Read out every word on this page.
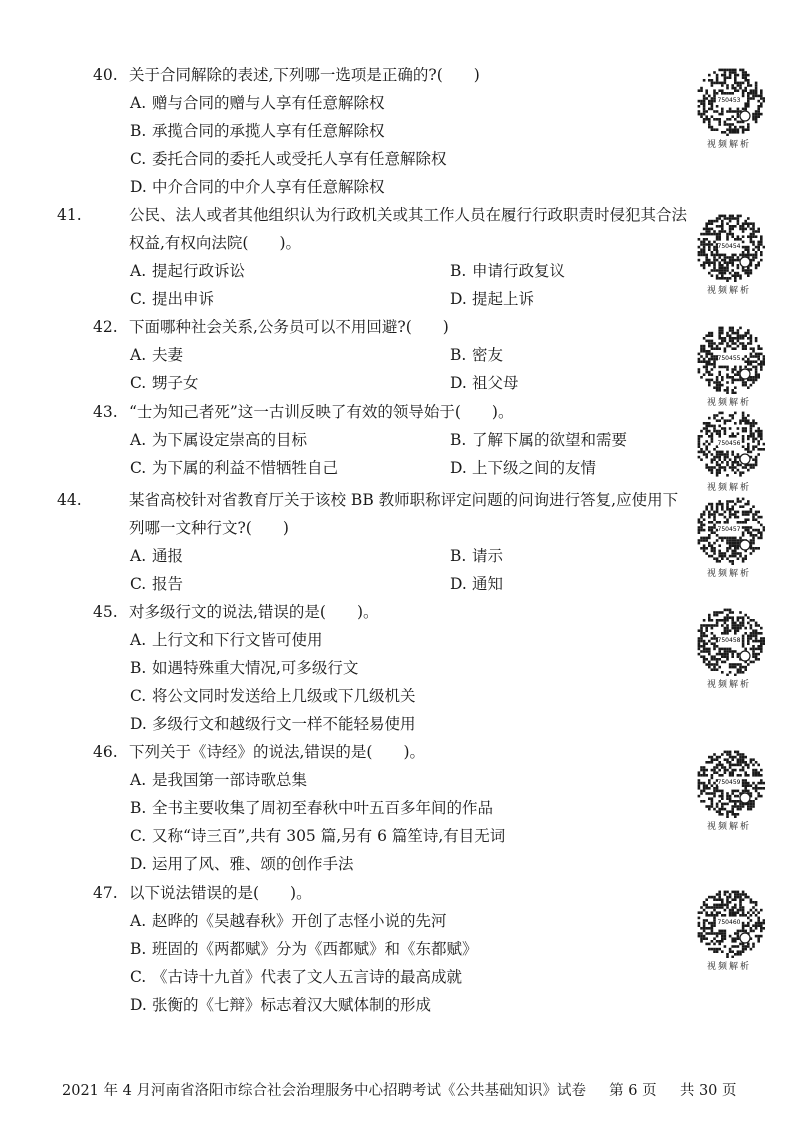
40. 关于合同解除的表述,下列哪一选项是正确的?(　　)
A. 赠与合同的赠与人享有任意解除权
B. 承揽合同的承揽人享有任意解除权
C. 委托合同的委托人或受托人享有任意解除权
D. 中介合同的中介人享有任意解除权
41.	公民、法人或者其他组织认为行政机关或其工作人员在履行行政职责时侵犯其合法权益,有权向法院(　　)。
A. 提起行政诉讼	B. 申请行政复议
C. 提出申诉	D. 提起上诉
42. 下面哪种社会关系,公务员可以不用回避?(　　)
A. 夫妻	B. 密友
C. 甥子女	D. 祖父母
43. “士为知己者死”这一古训反映了有效的领导始于(　　)。
A. 为下属设定崇高的目标	B. 了解下属的欲望和需要
C. 为下属的利益不惜牺牲自己	D. 上下级之间的友情
44.	某省高校针对省教育厅关于该校 BB 教师职称评定问题的问询进行答复,应使用下列哪一文种行文?(　　)
A. 通报	B. 请示
C. 报告	D. 通知
45. 对多级行文的说法,错误的是(　　)。
A. 上行文和下行文皆可使用
B. 如遇特殊重大情况,可多级行文
C. 将公文同时发送给上几级或下几级机关
D. 多级行文和越级行文一样不能轻易使用
46. 下列关于《诗经》的说法,错误的是(　　)。
A. 是我国第一部诗歌总集
B. 全书主要收集了周初至春秋中叶五百多年间的作品
C. 又称“诗三百”,共有 305 篇,另有 6 篇笙诗,有目无词
D. 运用了风、雅、颂的创作手法
47. 以下说法错误的是(　　)。
A. 赵晔的《吴越春秋》开创了志怪小说的先河
B. 班固的《两都赋》分为《西都赋》和《东都赋》
C. 《古诗十九首》代表了文人五言诗的最高成就
D. 张衡的《七辩》标志着汉大赋体制的形成
750453
视频解析
750454
视频解析
750455
视频解析
750456
视频解析
750457
视频解析
750458
视频解析
750459
视频解析
750460
视频解析
2021 年 4 月河南省洛阳市综合社会治理服务中心招聘考试《公共基础知识》试卷 第 6 页 共 30 页
